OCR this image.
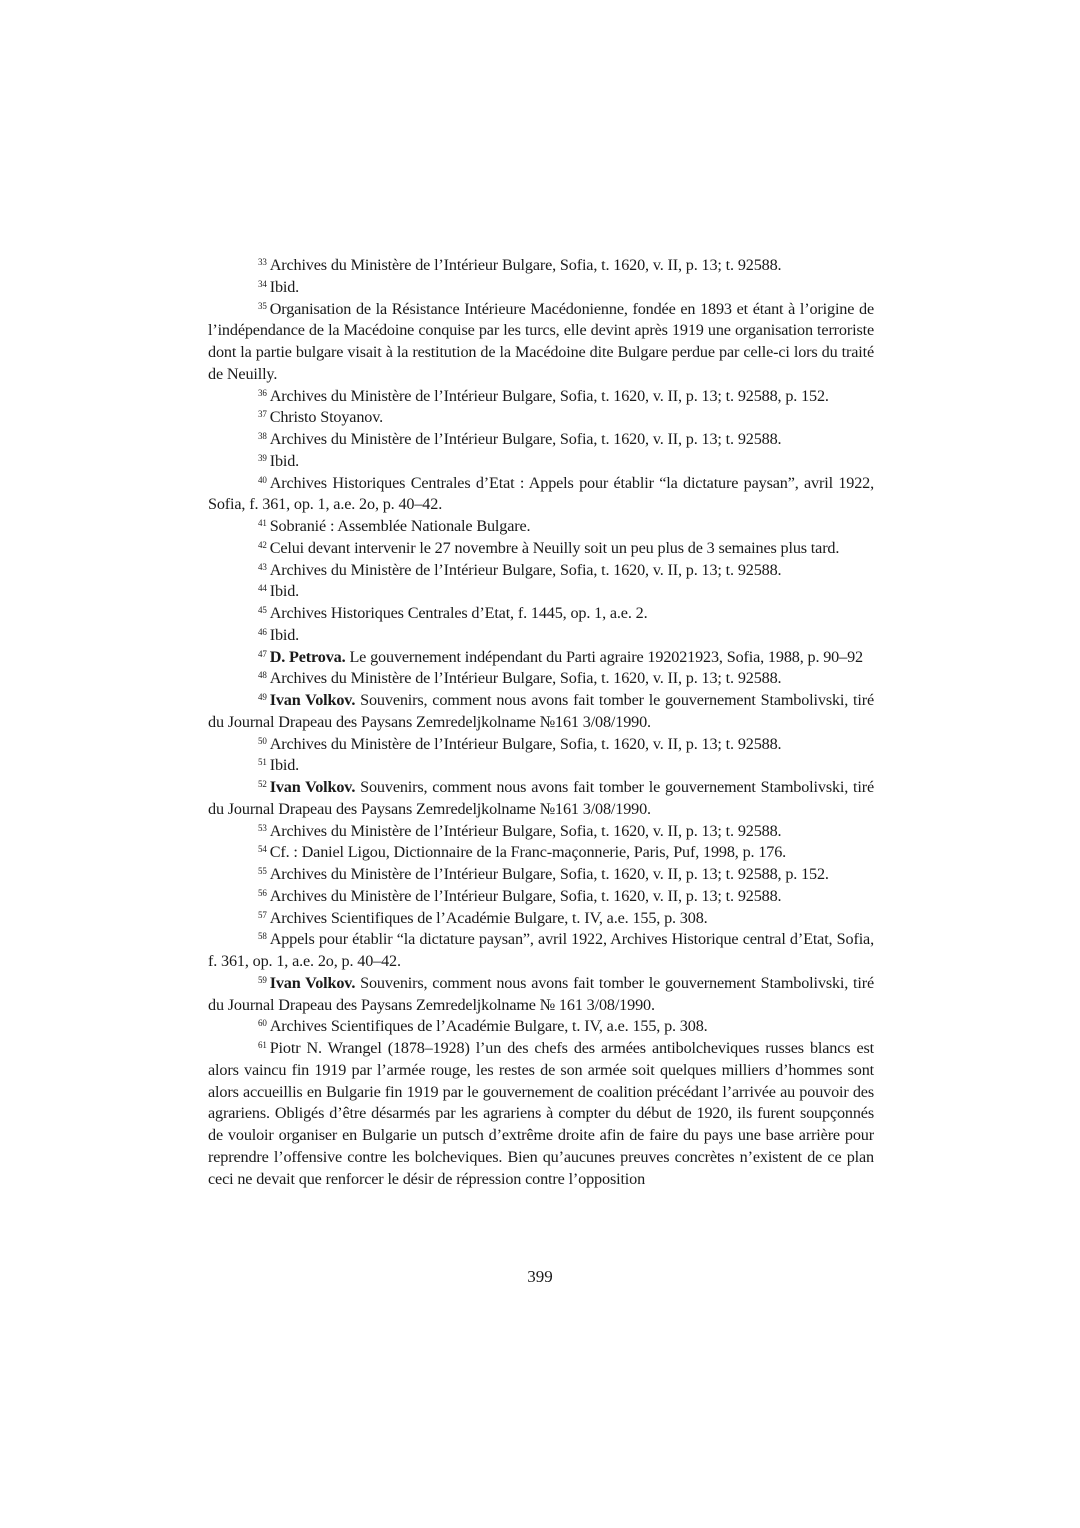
$^{33}$ Archives du Ministère de l’Intérieur Bulgare, Sofia, t. 1620, v. II, p. 13; t. 92588.

$^{34}$ Ibid.

$^{35}$ Organisation de la Résistance Intérieure Macédonienne, fondée en 1893 et étant à l’origine de l’indépendance de la Macédoine conquise par les turcs, elle devint après 1919 une organisation terroriste dont la partie bulgare visait à la restitution de la Macédoine dite Bulgare perdue par celle-ci lors du traité de Neuilly.

$^{36}$ Archives du Ministère de l’Intérieur Bulgare, Sofia, t. 1620, v. II, p. 13; t. 92588, p. 152.

$^{37}$ Christo Stoyanov.

$^{38}$ Archives du Ministère de l’Intérieur Bulgare, Sofia, t. 1620, v. II, p. 13; t. 92588.

$^{39}$ Ibid.

$^{40}$ Archives Historiques Centrales d’Etat : Appels pour établir “la dictature paysan”, avril 1922, Sofia, f. 361, op. 1, a.e. 2o, p. 40–42.

$^{41}$ Sobranié : Assemblée Nationale Bulgare.

$^{42}$ Celui devant intervenir le 27 novembre à Neuilly soit un peu plus de 3 semaines plus tard.

$^{43}$ Archives du Ministère de l’Intérieur Bulgare, Sofia, t. 1620, v. II, p. 13; t. 92588.

$^{44}$ Ibid.

$^{45}$ Archives Historiques Centrales d’Etat, f. 1445, op. 1, a.e. 2.

$^{46}$ Ibid.

$^{47}$ D. Petrova. Le gouvernement indépendant du Parti agraire 192021923, Sofia, 1988, p. 90–92

$^{48}$ Archives du Ministère de l’Intérieur Bulgare, Sofia, t. 1620, v. II, p. 13; t. 92588.

$^{49}$ Ivan Volkov. Souvenirs, comment nous avons fait tomber le gouvernement Stambolivski, tiré du Journal Drapeau des Paysans Zemredeljkolname №161 3/08/1990.

$^{50}$ Archives du Ministère de l’Intérieur Bulgare, Sofia, t. 1620, v. II, p. 13; t. 92588.

$^{51}$ Ibid.

$^{52}$ Ivan Volkov. Souvenirs, comment nous avons fait tomber le gouvernement Stambolivski, tiré du Journal Drapeau des Paysans Zemredeljkolname №161 3/08/1990.

$^{53}$ Archives du Ministère de l’Intérieur Bulgare, Sofia, t. 1620, v. II, p. 13; t. 92588.

$^{54}$ Cf. : Daniel Ligou, Dictionnaire de la Franc-maçonnerie, Paris, Puf, 1998, p. 176.

$^{55}$ Archives du Ministère de l’Intérieur Bulgare, Sofia, t. 1620, v. II, p. 13; t. 92588, p. 152.

$^{56}$ Archives du Ministère de l’Intérieur Bulgare, Sofia, t. 1620, v. II, p. 13; t. 92588.

$^{57}$ Archives Scientifiques de l’Académie Bulgare, t. IV, a.e. 155, p. 308.

$^{58}$ Appels pour établir “la dictature paysan”, avril 1922, Archives Historique central d’Etat, Sofia, f. 361, op. 1, a.e. 2o, p. 40–42.

$^{59}$ Ivan Volkov. Souvenirs, comment nous avons fait tomber le gouvernement Stambolivski, tiré du Journal Drapeau des Paysans Zemredeljkolname № 161 3/08/1990.

$^{60}$ Archives Scientifiques de l’Académie Bulgare, t. IV, a.e. 155, p. 308.

$^{61}$ Piotr N. Wrangel (1878–1928) l’un des chefs des armées antibolcheviques russes blancs est alors vaincu fin 1919 par l’armée rouge, les restes de son armée soit quelques milliers d’hommes sont alors accueillis en Bulgarie fin 1919 par le gouvernement de coalition précédant l’arrivée au pouvoir des agrariens. Obligés d’être désarmés par les agrariens à compter du début de 1920, ils furent soupçonnés de vouloir organiser en Bulgarie un putsch d’extrême droite afin de faire du pays une base arrière pour reprendre l’offensive contre les bolcheviques. Bien qu’aucunes preuves concrètes n’existent de ce plan ceci ne devait que renforcer le désir de répression contre l’opposition

399
